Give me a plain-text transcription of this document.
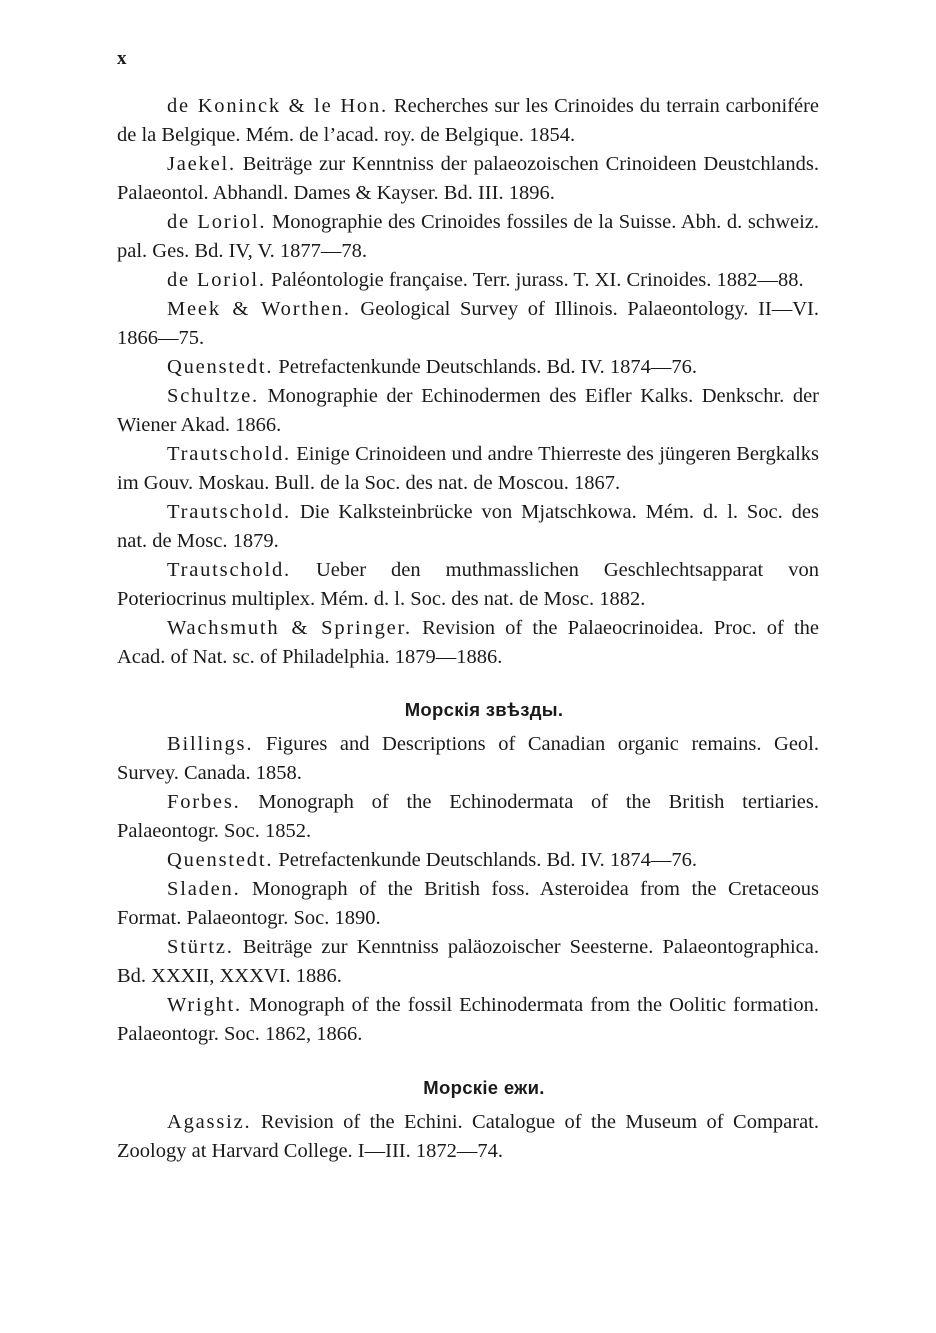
x

de Koninck & le Hon. Recherches sur les Crinoides du terrain carbonifére de la Belgique. Mém. de l’acad. roy. de Belgique. 1854.

Jaekel. Beiträge zur Kenntniss der palaeozoischen Crinoideen Deustchlands. Palaeontol. Abhandl. Dames & Kayser. Bd. III. 1896.

de Loriol. Monographie des Crinoides fossiles de la Suisse. Abh. d. schweiz. pal. Ges. Bd. IV, V. 1877—78.

de Loriol. Paléontologie française. Terr. jurass. T. XI. Crinoides. 1882—88.

Meek & Worthen. Geological Survey of Illinois. Palaeontology. II—VI. 1866—75.

Quenstedt. Petrefactenkunde Deutschlands. Bd. IV. 1874—76.

Schultze. Monographie der Echinodermen des Eifler Kalks. Denkschr. der Wiener Akad. 1866.

Trautschold. Einige Crinoideen und andre Thierreste des jüngeren Bergkalks im Gouv. Moskau. Bull. de la Soc. des nat. de Moscou. 1867.

Trautschold. Die Kalksteinbrücke von Mjatschkowa. Mém. d. l. Soc. des nat. de Mosc. 1879.

Trautschold. Ueber den muthmasslichen Geschlechtsapparat von Poteriocrinus multiplex. Mém. d. l. Soc. des nat. de Mosc. 1882.

Wachsmuth & Springer. Revision of the Palaeocrinoidea. Proc. of the Acad. of Nat. sc. of Philadelphia. 1879—1886.

Морскія звѣзды.

Billings. Figures and Descriptions of Canadian organic remains. Geol. Survey. Canada. 1858.

Forbes. Monograph of the Echinodermata of the British tertiaries. Palaeontogr. Soc. 1852.

Quenstedt. Petrefactenkunde Deutschlands. Bd. IV. 1874—76.

Sladen. Monograph of the British foss. Asteroidea from the Cretaceous Format. Palaeontogr. Soc. 1890.

Stürtz. Beiträge zur Kenntniss paläozoischer Seesterne. Palaeontographica. Bd. XXXII, XXXVI. 1886.

Wright. Monograph of the fossil Echinodermata from the Oolitic formation. Palaeontogr. Soc. 1862, 1866.

Морскіе ежи.

Agassiz. Revision of the Echini. Catalogue of the Museum of Comparat. Zoology at Harvard College. I—III. 1872—74.
